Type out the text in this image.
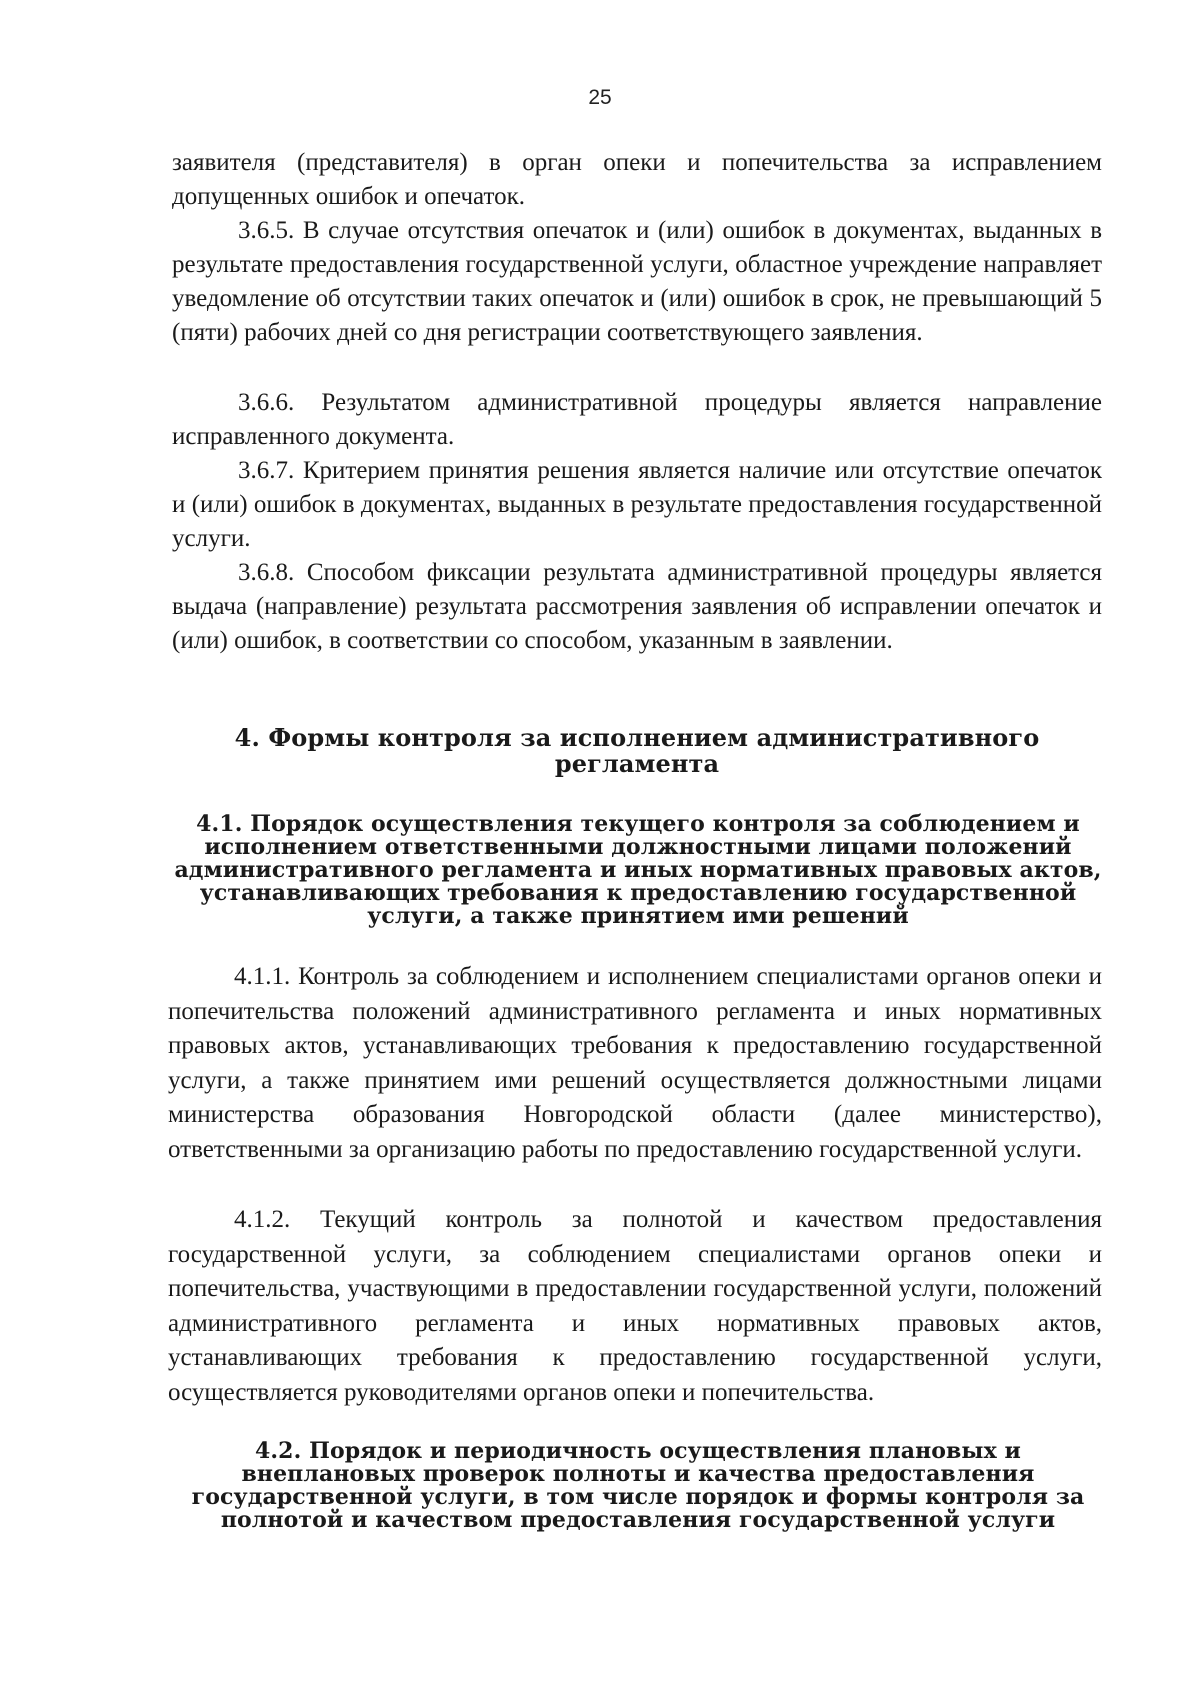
25

заявителя (представителя) в орган опеки и попечительства за исправлением допущенных ошибок и опечаток.

3.6.5. В случае отсутствия опечаток и (или) ошибок в документах, выданных в результате предоставления государственной услуги, областное учреждение направляет уведомление об отсутствии таких опечаток и (или) ошибок в срок, не превышающий 5 (пяти) рабочих дней со дня регистрации соответствующего заявления.

3.6.6. Результатом административной процедуры является направление исправленного документа.

3.6.7. Критерием принятия решения является наличие или отсутствие опечаток и (или) ошибок в документах, выданных в результате предоставления государственной услуги.

3.6.8. Способом фиксации результата административной процедуры является выдача (направление) результата рассмотрения заявления об исправлении опечаток и (или) ошибок, в соответствии со способом, указанным в заявлении.

4. Формы контроля за исполнением административного
регламента
4.1. Порядок осуществления текущего контроля за соблюдением и
исполнением ответственными должностными лицами положений
административного регламента и иных нормативных правовых актов,
устанавливающих требования к предоставлению государственной
услуги, а также принятием ими решений

4.1.1. Контроль за соблюдением и исполнением специалистами органов опеки и попечительства положений административного регламента и иных нормативных правовых актов, устанавливающих требования к предоставлению государственной услуги, а также принятием ими решений осуществляется должностными лицами министерства образования Новгородской области (далее министерство), ответственными за организацию работы по предоставлению государственной услуги.

4.1.2. Текущий контроль за полнотой и качеством предоставления государственной услуги, за соблюдением специалистами органов опеки и попечительства, участвующими в предоставлении государственной услуги, положений административного регламента и иных нормативных правовых актов, устанавливающих требования к предоставлению государственной услуги, осуществляется руководителями органов опеки и попечительства.

4.2. Порядок и периодичность осуществления плановых и
внеплановых проверок полноты и качества предоставления
государственной услуги, в том числе порядок и формы контроля за
полнотой и качеством предоставления государственной услуги
